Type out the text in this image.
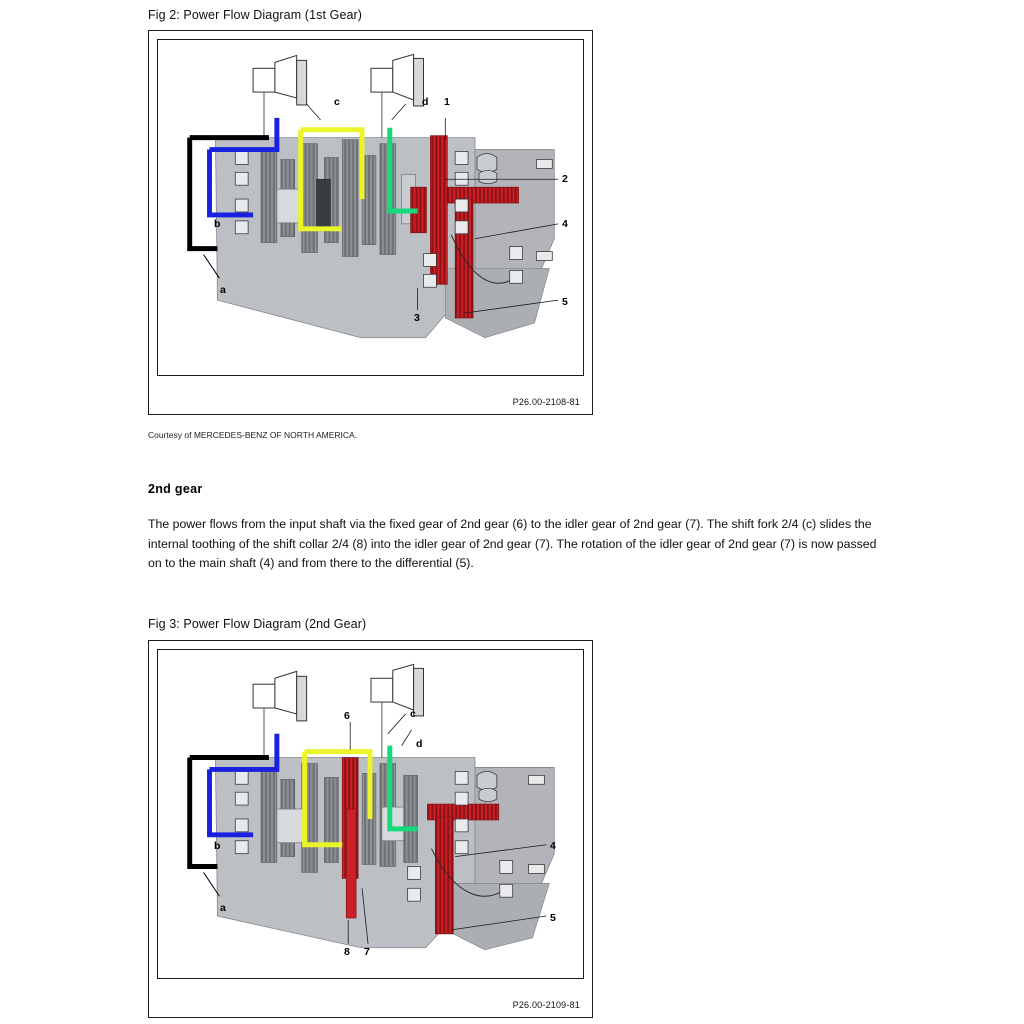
Fig 2: Power Flow Diagram (1st Gear)
c	d 1
2
b	4
a
3
5
P26.00-2108-81
Courtesy of MERCEDES-BENZ OF NORTH AMERICA.
2nd gear
The power flows from the input shaft via the fixed gear of 2nd gear (6) to the idler gear of 2nd gear (7). The shift fork 2/4 (c) slides the internal toothing of the shift collar 2/4 (8) into the idler gear of 2nd gear (7). The rotation of the idler gear of 2nd gear (7) is now passed on to the main shaft (4) and from there to the differential (5).
Fig 3: Power Flow Diagram (2nd Gear)
6	c
d
b	4
a
8 7
5
P26.00-2109-81
